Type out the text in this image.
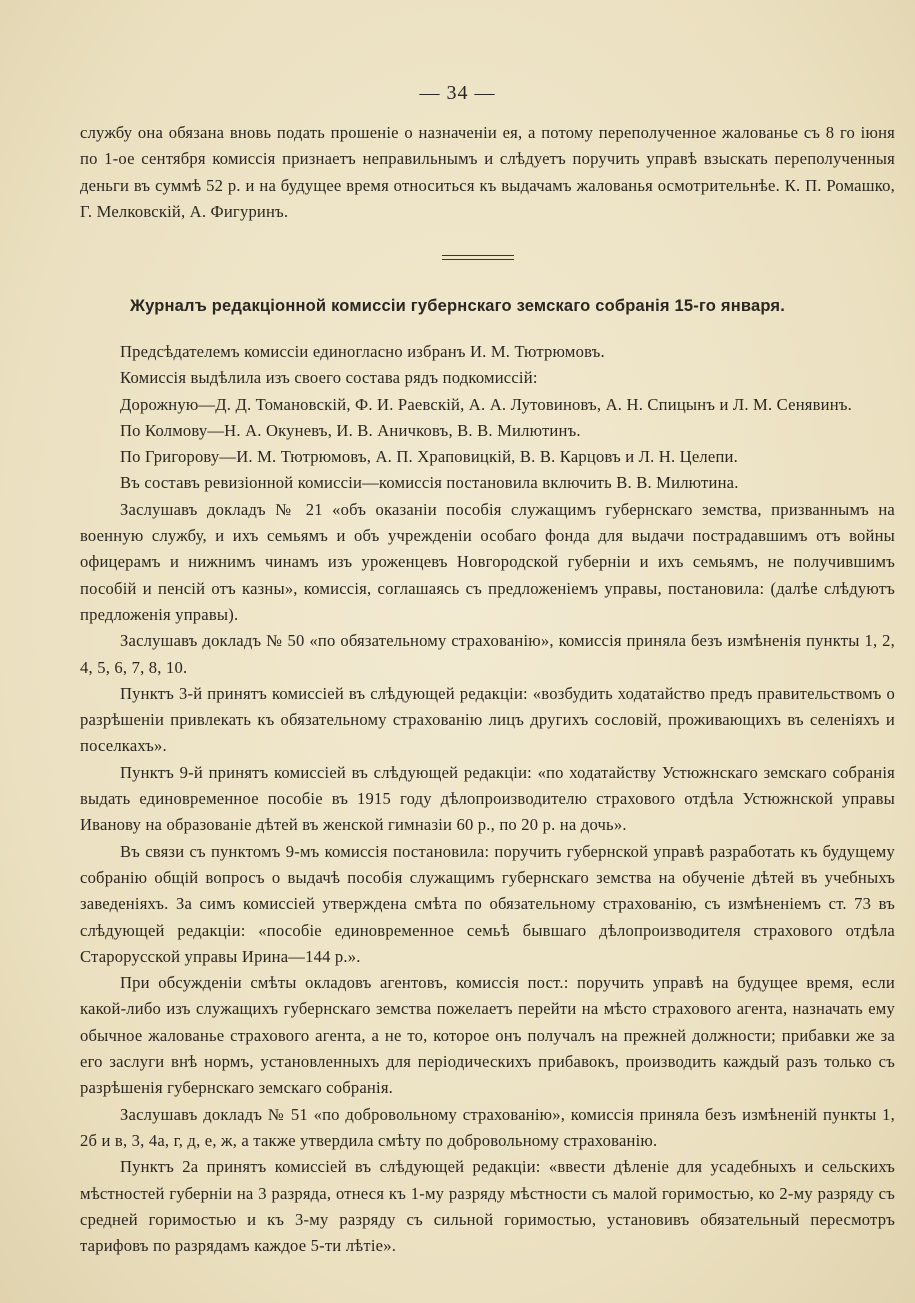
— 34 —

службу она обязана вновь подать прошеніе о назначеніи ея, а потому переполученное жалованье съ 8 го іюня по 1-ое сентября комиссія признаетъ неправильнымъ и слѣдуетъ поручить управѣ взыскать переполученныя деньги въ суммѣ 52 р. и на будущее время относиться къ выдачамъ жалованья осмотрительнѣе. К. П. Ромашко, Г. Мелковскій, А. Фигуринъ.

Журналъ редакціонной комиссіи губернскаго земскаго собранія 15-го января.

Предсѣдателемъ комиссіи единогласно избранъ И. М. Тютрюмовъ.

Комиссія выдѣлила изъ своего состава рядъ подкомиссій:

Дорожную—Д. Д. Томановскій, Ф. И. Раевскій, А. А. Лутовиновъ, А. Н. Спицынъ и Л. М. Сенявинъ.

По Колмову—Н. А. Окуневъ, И. В. Аничковъ, В. В. Милютинъ.

По Григорову—И. М. Тютрюмовъ, А. П. Храповицкій, В. В. Карцовъ и Л. Н. Целепи.

Въ составъ ревизіонной комиссіи—комиссія постановила включить В. В. Милютина.

Заслушавъ докладъ № 21 «объ оказаніи пособія служащимъ губернскаго земства, призваннымъ на военную службу, и ихъ семьямъ и объ учрежденіи особаго фонда для выдачи пострадавшимъ отъ войны офицерамъ и нижнимъ чинамъ изъ уроженцевъ Новгородской губерніи и ихъ семьямъ, не получившимъ пособій и пенсій отъ казны», комиссія, соглашаясь съ предложеніемъ управы, постановила: (далѣе слѣдуютъ предложенія управы).

Заслушавъ докладъ № 50 «по обязательному страхованію», комиссія приняла безъ измѣненія пункты 1, 2, 4, 5, 6, 7, 8, 10.

Пунктъ 3-й принятъ комиссіей въ слѣдующей редакціи: «возбудить ходатайство предъ правительствомъ о разрѣшеніи привлекать къ обязательному страхованію лицъ другихъ сословій, проживающихъ въ селеніяхъ и поселкахъ».

Пунктъ 9-й принятъ комиссіей въ слѣдующей редакціи: «по ходатайству Устюжнскаго земскаго собранія выдать единовременное пособіе въ 1915 году дѣлопроизводителю страхового отдѣла Устюжнской управы Иванову на образованіе дѣтей въ женской гимназіи 60 р., по 20 р. на дочь».

Въ связи съ пунктомъ 9-мъ комиссія постановила: поручить губернской управѣ разработать къ будущему собранію общій вопросъ о выдачѣ пособія служащимъ губернскаго земства на обученіе дѣтей въ учебныхъ заведеніяхъ. За симъ комиссіей утверждена смѣта по обязательному страхованію, съ измѣненіемъ ст. 73 въ слѣдующей редакціи: «пособіе единовременное семьѣ бывшаго дѣлопроизводителя страхового отдѣла Старорусской управы Ирина—144 р.».

При обсужденіи смѣты окладовъ агентовъ, комиссія пост.: поручить управѣ на будущее время, если какой-либо изъ служащихъ губернскаго земства пожелаетъ перейти на мѣсто страхового агента, назначать ему обычное жалованье страхового агента, а не то, которое онъ получалъ на прежней должности; прибавки же за его заслуги внѣ нормъ, установленныхъ для періодическихъ прибавокъ, производить каждый разъ только съ разрѣшенія губернскаго земскаго собранія.

Заслушавъ докладъ № 51 «по добровольному страхованію», комиссія приняла безъ измѣненій пункты 1, 2б и в, 3, 4а, г, д, е, ж, а также утвердила смѣту по добровольному страхованію.

Пунктъ 2а принятъ комиссіей въ слѣдующей редакціи: «ввести дѣленіе для усадебныхъ и сельскихъ мѣстностей губерніи на 3 разряда, отнеся къ 1-му разряду мѣстности съ малой горимостью, ко 2-му разряду съ средней горимостью и къ 3-му разряду съ сильной горимостью, установивъ обязательный пересмотръ тарифовъ по разрядамъ каждое 5-ти лѣтіе».
